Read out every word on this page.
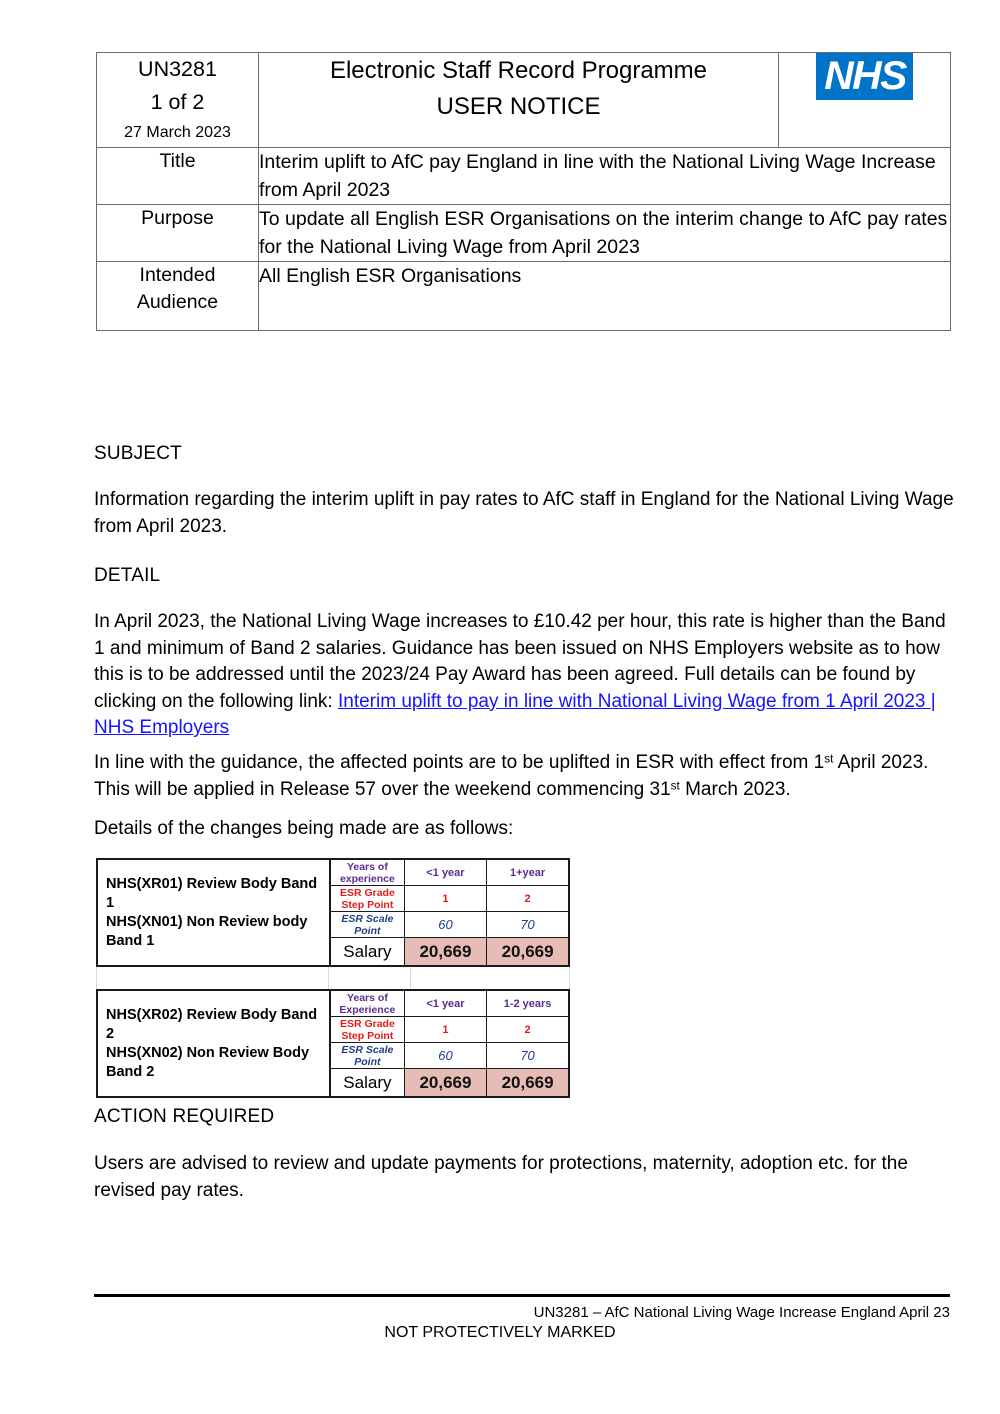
UN3281
1 of 2
27 March 2023

Electronic Staff Record Programme
USER NOTICE
	NHS
Title	Interim uplift to AfC pay England in line with the National Living Wage Increase from April 2023	
Purpose	To update all English ESR Organisations on the interim change to AfC pay rates for the National Living Wage from April 2023	
Intended Audience	All English ESR Organisations	
SUBJECT
Information regarding the interim uplift in pay rates to AfC staff in England for the National Living Wage from April 2023.
DETAIL
In April 2023, the National Living Wage increases to £10.42 per hour, this rate is higher than the Band 1 and minimum of Band 2 salaries. Guidance has been issued on NHS Employers website as to how this is to be addressed until the 2023/24 Pay Award has been agreed. Full details can be found by clicking on the following link: Interim uplift to pay in line with National Living Wage from 1 April 2023 | NHS Employers
In line with the guidance, the affected points are to be uplifted in ESR with effect from 1st April 2023. This will be applied in Release 57 over the weekend commencing 31st March 2023.
Details of the changes being made are as follows:
NHS(XR01) Review Body Band 1
NHS(XN01) Non Review body Band 1	Years of experience	<1 year	1+year
	ESR Grade Step Point	1	2
	ESR Scale Point	60	70
	Salary	20,669	20,669
NHS(XR02) Review Body Band 2
NHS(XN02) Non Review Body Band 2	Years of Experience	<1 year	1-2 years
	ESR Grade Step Point	1	2
	ESR Scale Point	60	70
	Salary	20,669	20,669
ACTION REQUIRED
Users are advised to review and update payments for protections, maternity, adoption etc. for the revised pay rates.
UN3281 – AfC National Living Wage Increase England April 23
NOT PROTECTIVELY MARKED
